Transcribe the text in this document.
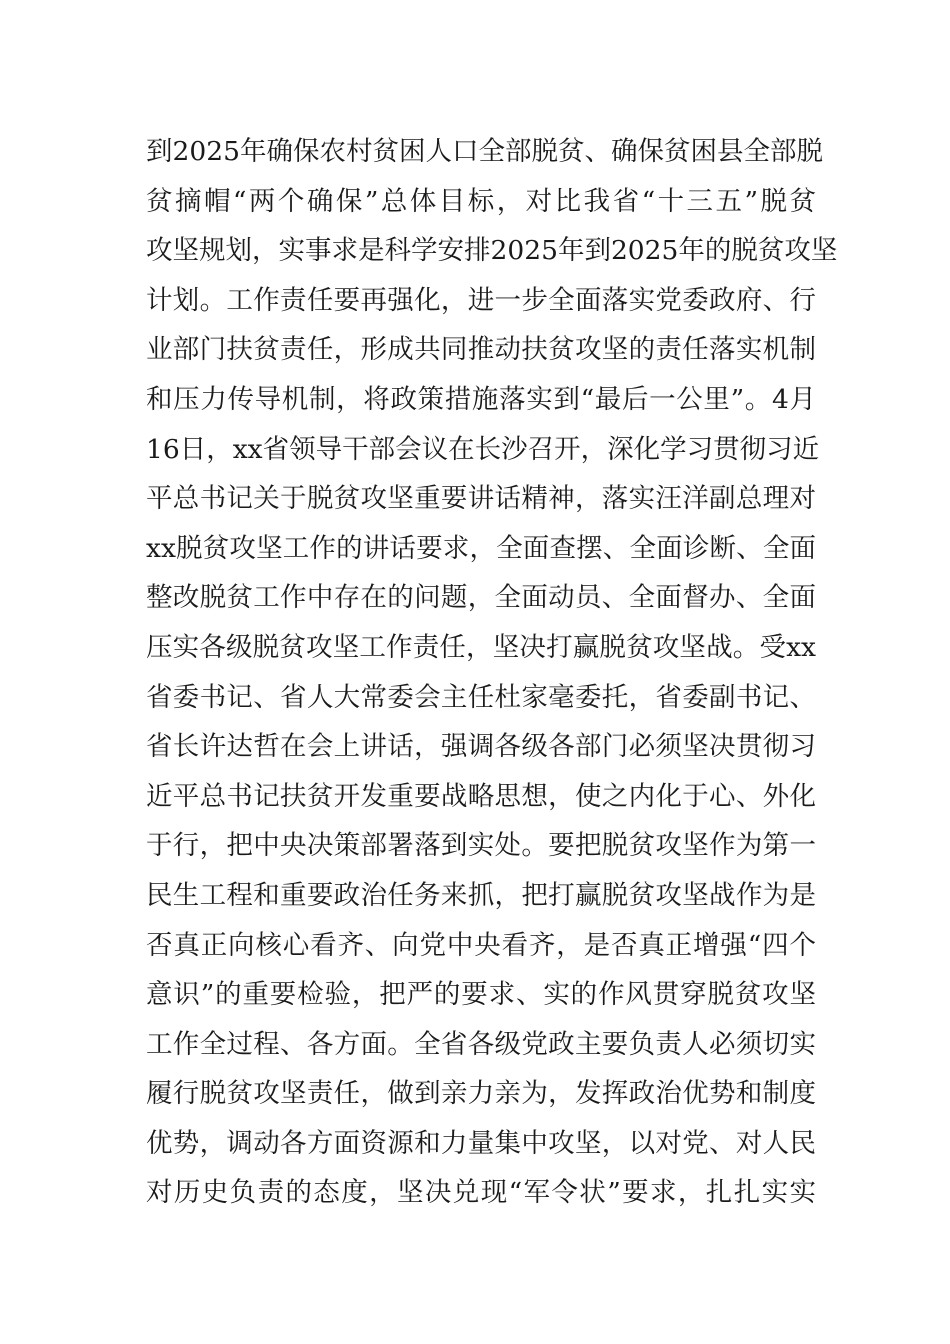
到2025年确保农村贫困人口全部脱贫、确保贫困县全部脱
贫摘帽“两个确保”总体目标，对比我省“十三五”脱贫
攻坚规划，实事求是科学安排2025年到2025年的脱贫攻坚
计划。工作责任要再强化，进一步全面落实党委政府、行
业部门扶贫责任，形成共同推动扶贫攻坚的责任落实机制
和压力传导机制，将政策措施落实到“最后一公里”。4月
16日，xx省领导干部会议在长沙召开，深化学习贯彻习近
平总书记关于脱贫攻坚重要讲话精神，落实汪洋副总理对
xx脱贫攻坚工作的讲话要求，全面查摆、全面诊断、全面
整改脱贫工作中存在的问题，全面动员、全面督办、全面
压实各级脱贫攻坚工作责任，坚决打赢脱贫攻坚战。受xx
省委书记、省人大常委会主任杜家毫委托，省委副书记、
省长许达哲在会上讲话，强调各级各部门必须坚决贯彻习
近平总书记扶贫开发重要战略思想，使之内化于心、外化
于行，把中央决策部署落到实处。要把脱贫攻坚作为第一
民生工程和重要政治任务来抓，把打赢脱贫攻坚战作为是
否真正向核心看齐、向党中央看齐，是否真正增强“四个
意识”的重要检验，把严的要求、实的作风贯穿脱贫攻坚
工作全过程、各方面。全省各级党政主要负责人必须切实
履行脱贫攻坚责任，做到亲力亲为，发挥政治优势和制度
优势，调动各方面资源和力量集中攻坚，以对党、对人民
对历史负责的态度，坚决兑现“军令状”要求，扎扎实实
